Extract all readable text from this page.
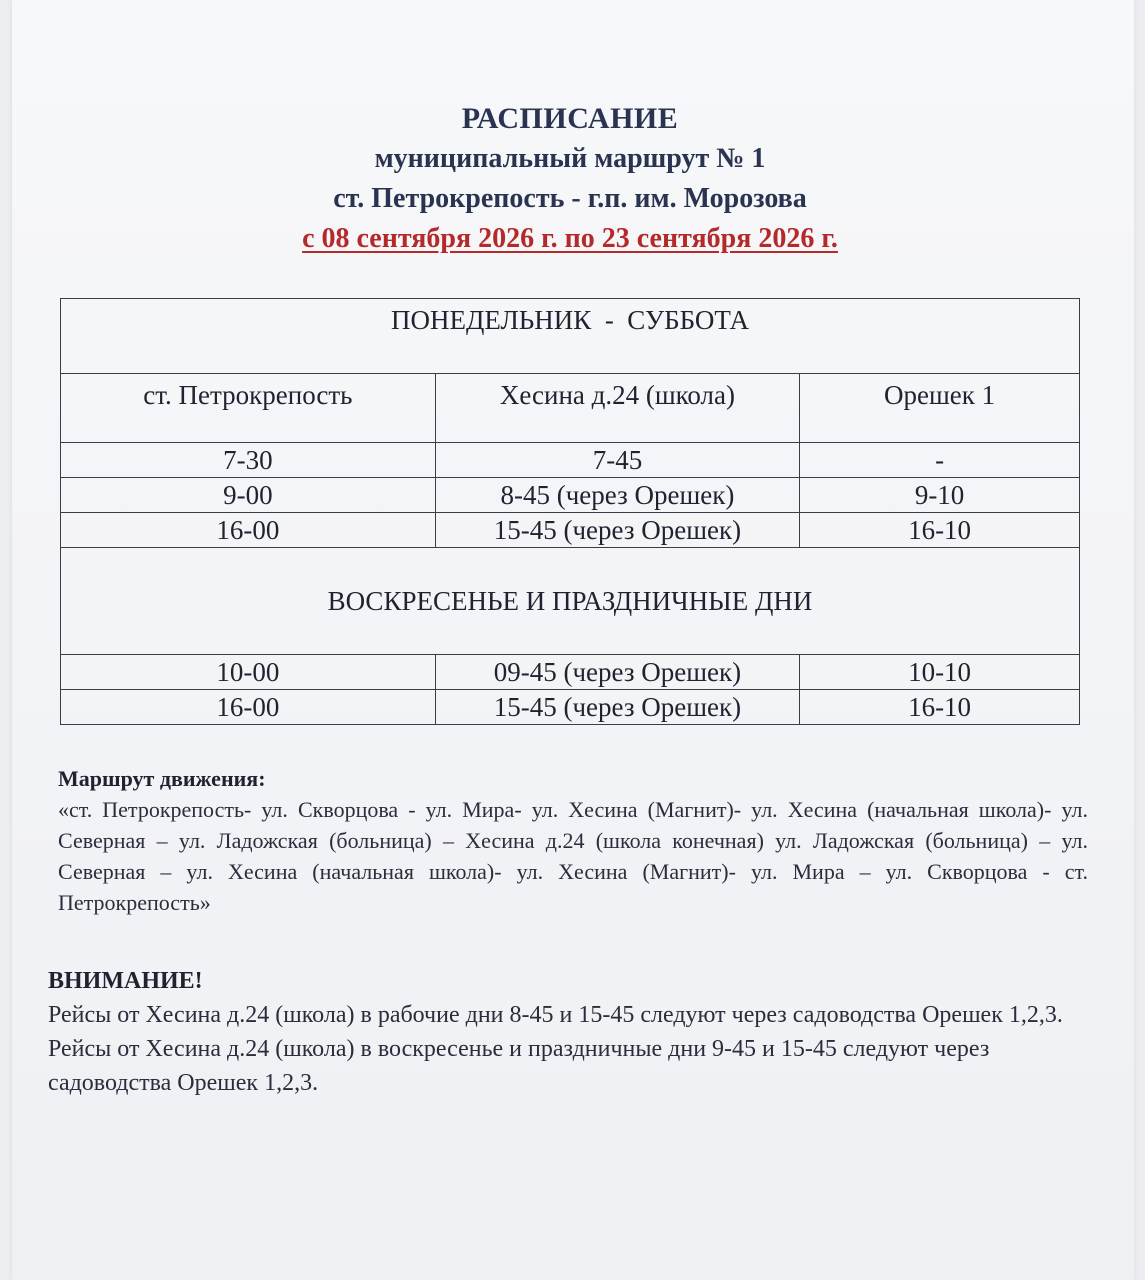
РАСПИСАНИЕ
муниципальный маршрут № 1
ст. Петрокрепость - г.п. им. Морозова
с 08 сентября 2026 г. по 23 сентября 2026 г.
ПОНЕДЕЛЬНИК  -  СУББОТА		
ст. Петрокрепость	Хесина д.24 (школа)	Орешек 1
7-30	7-45	-
9-00	8-45 (через Орешек)	9-10
16-00	15-45 (через Орешек)	16-10
ВОСКРЕСЕНЬЕ И ПРАЗДНИЧНЫЕ ДНИ		
10-00	09-45 (через Орешек)	10-10
16-00	15-45 (через Орешек)	16-10
Маршрут движения:

«ст. Петрокрепость- ул. Скворцова - ул. Мира- ул. Хесина (Магнит)- ул. Хесина (начальная школа)- ул. Северная – ул. Ладожская (больница) – Хесина д.24 (школа конечная) ул. Ладожская (больница) – ул. Северная – ул. Хесина (начальная школа)- ул. Хесина (Магнит)- ул. Мира – ул. Скворцова - ст. Петрокрепость»

ВНИМАНИЕ!

Рейсы от Хесина д.24 (школа) в рабочие дни 8-45 и 15-45 следуют через садоводства Орешек 1,2,3.

Рейсы от Хесина д.24 (школа) в воскресенье и праздничные дни 9-45 и 15-45 следуют через садоводства Орешек 1,2,3.
